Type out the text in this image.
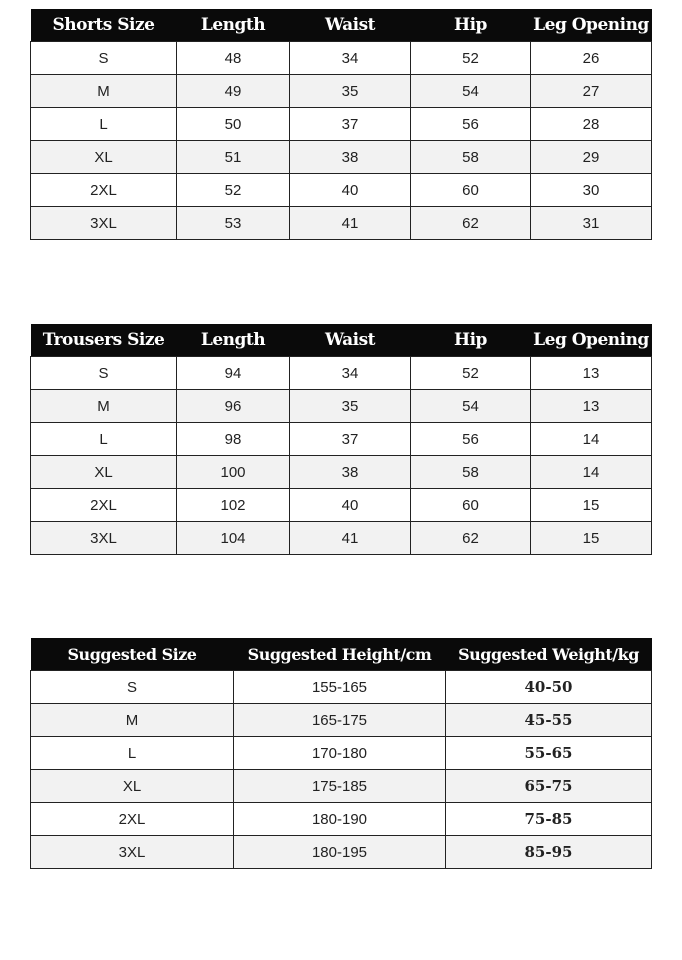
Shorts Size	Length	Waist	Hip	Leg Opening
S	48	34	52	26
M	49	35	54	27
L	50	37	56	28
XL	51	38	58	29
2XL	52	40	60	30
3XL	53	41	62	31
Trousers Size	Length	Waist	Hip	Leg Opening
S	94	34	52	13
M	96	35	54	13
L	98	37	56	14
XL	100	38	58	14
2XL	102	40	60	15
3XL	104	41	62	15
Suggested Size	Suggested Height/cm	Suggested Weight/kg
S	155-165	40-50
M	165-175	45-55
L	170-180	55-65
XL	175-185	65-75
2XL	180-190	75-85
3XL	180-195	85-95
